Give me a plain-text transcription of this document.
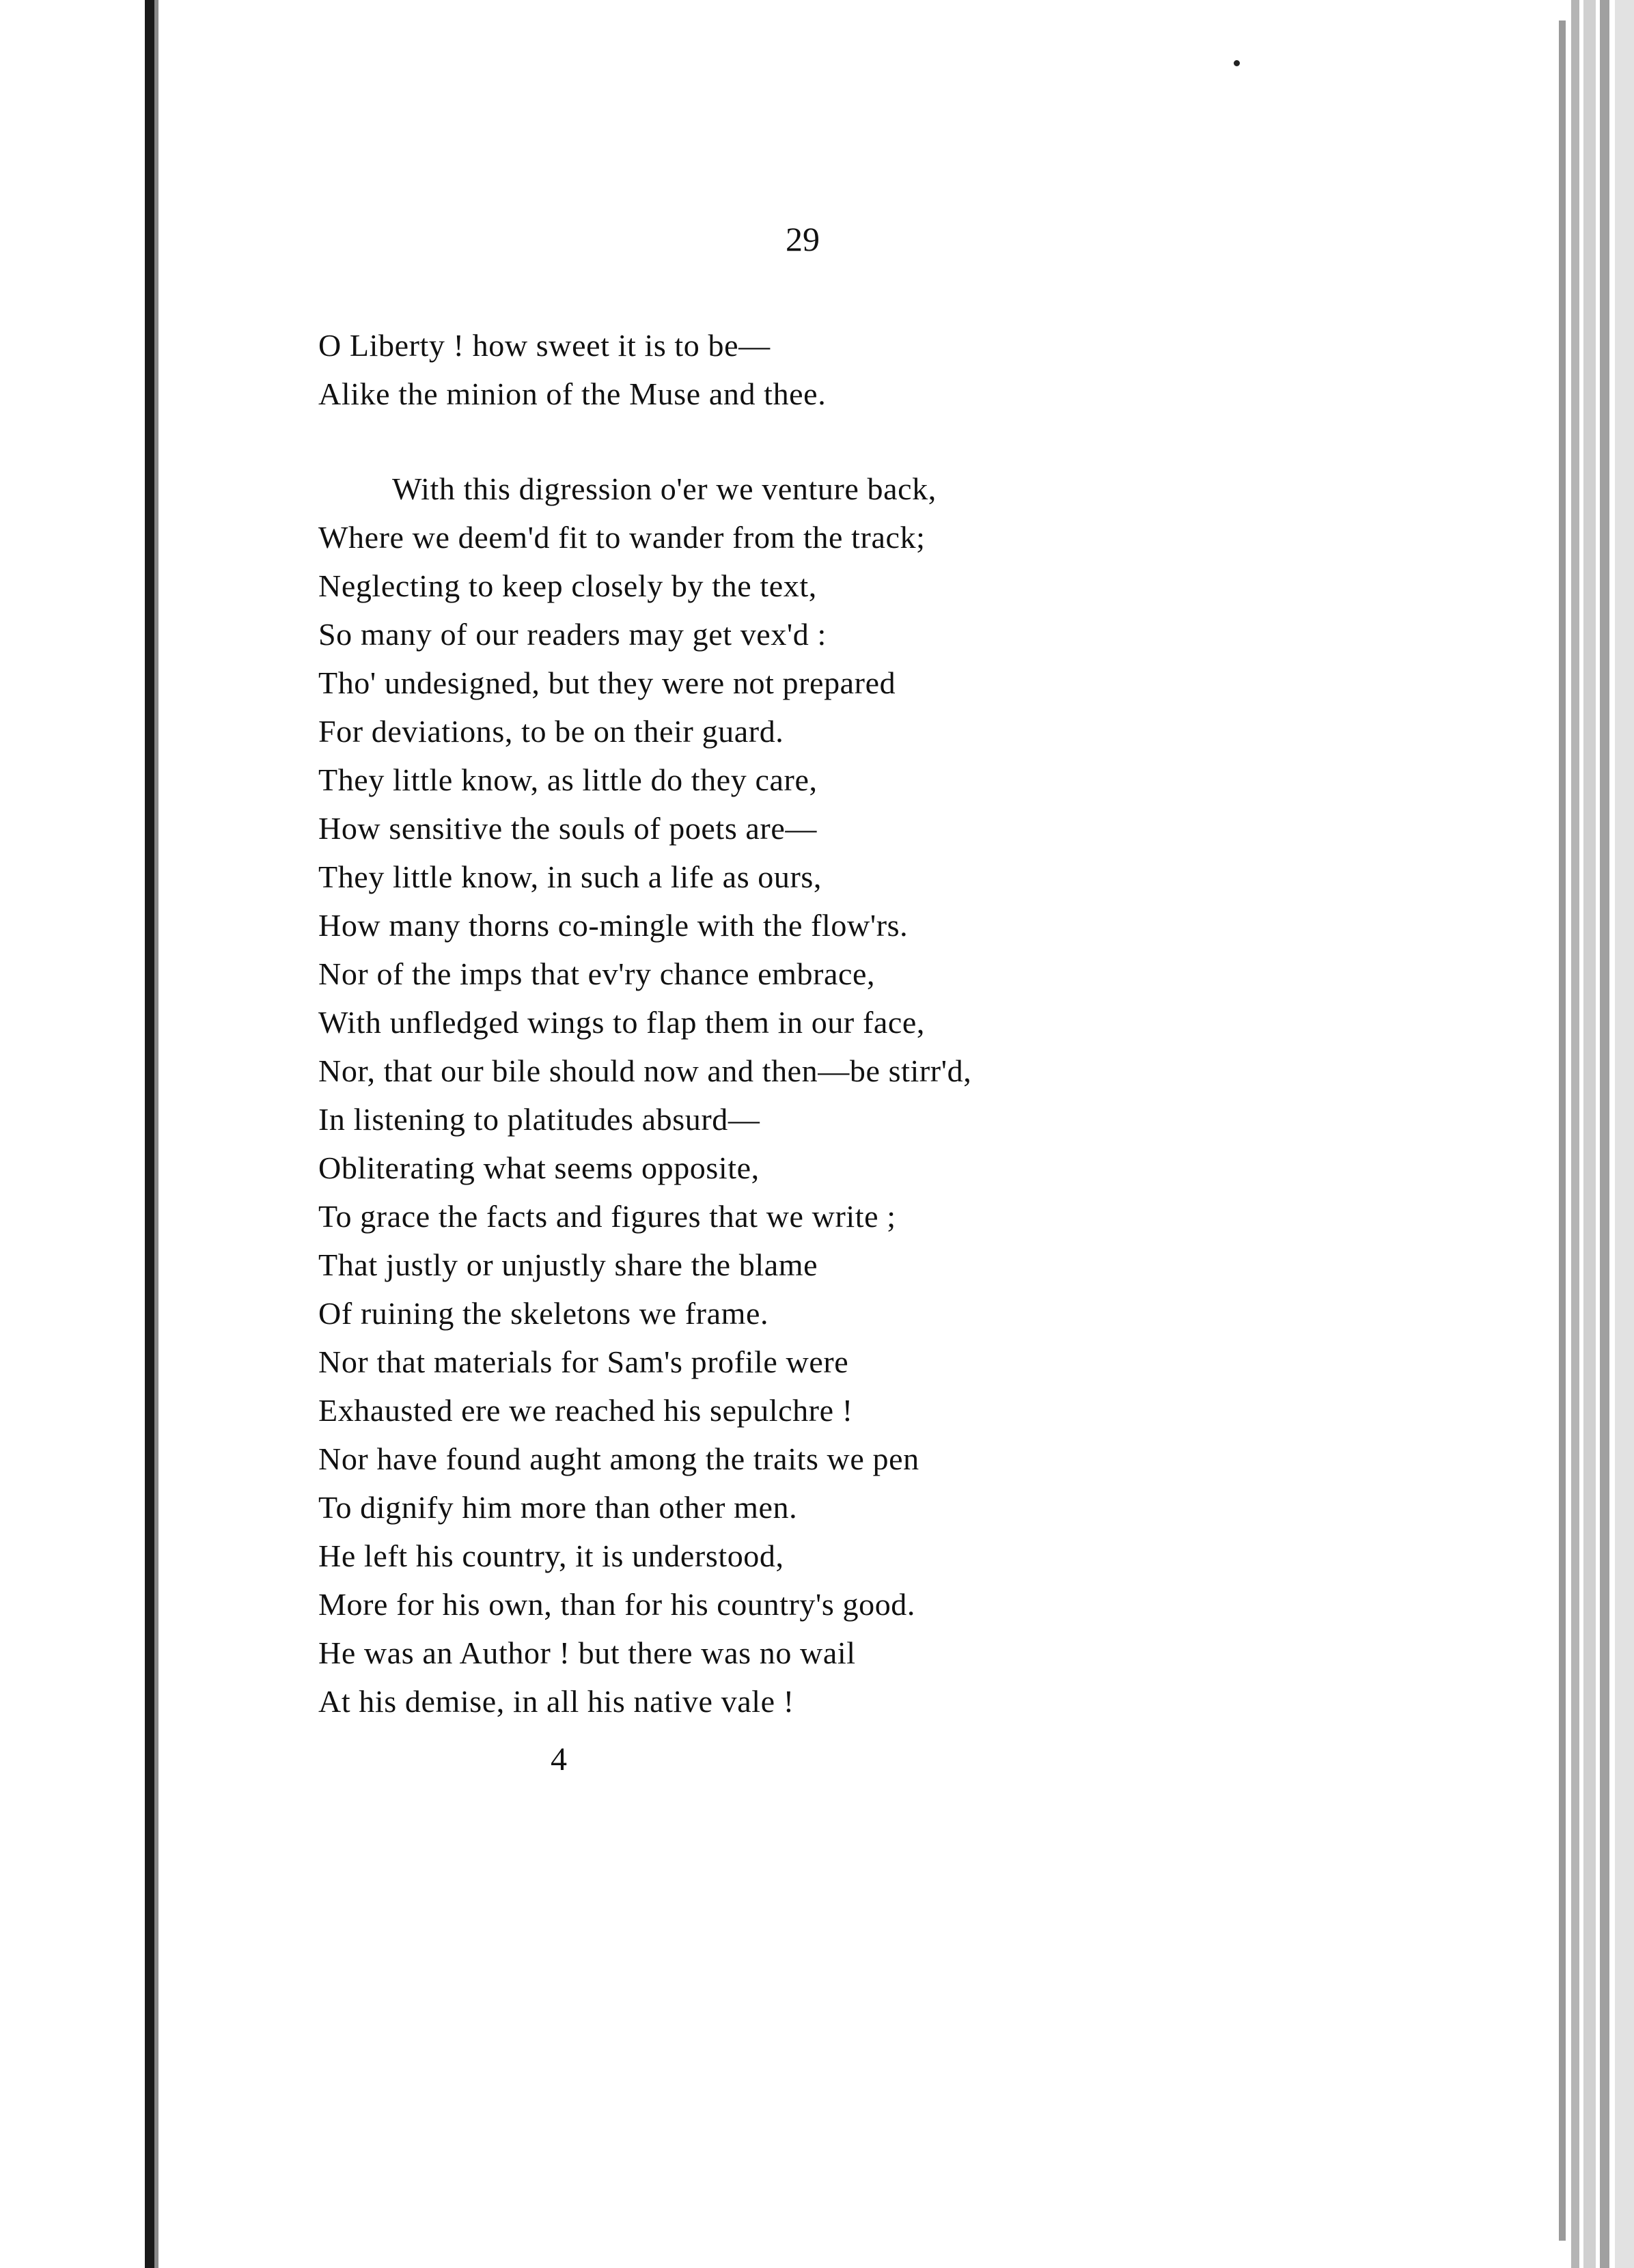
29
O Liberty ! how sweet it is to be—
Alike the minion of the Muse and thee.
With this digression o'er we venture back,
Where we deem'd fit to wander from the track;
Neglecting to keep closely by the text,
So many of our readers may get vex'd :
Tho' undesigned, but they were not prepared
For deviations, to be on their guard.
They little know, as little do they care,
How sensitive the souls of poets are—
They little know, in such a life as ours,
How many thorns co-mingle with the flow'rs.
Nor of the imps that ev'ry chance embrace,
With unfledged wings to flap them in our face,
Nor, that our bile should now and then—be stirr'd,
In listening to platitudes absurd—
Obliterating what seems opposite,
To grace the facts and figures that we write ;
That justly or unjustly share the blame
Of ruining the skeletons we frame.
Nor that materials for Sam's profile were
Exhausted ere we reached his sepulchre !
Nor have found aught among the traits we pen
To dignify him more than other men.
He left his country, it is understood,
More for his own, than for his country's good.
He was an Author ! but there was no wail
At his demise, in all his native vale !
4
